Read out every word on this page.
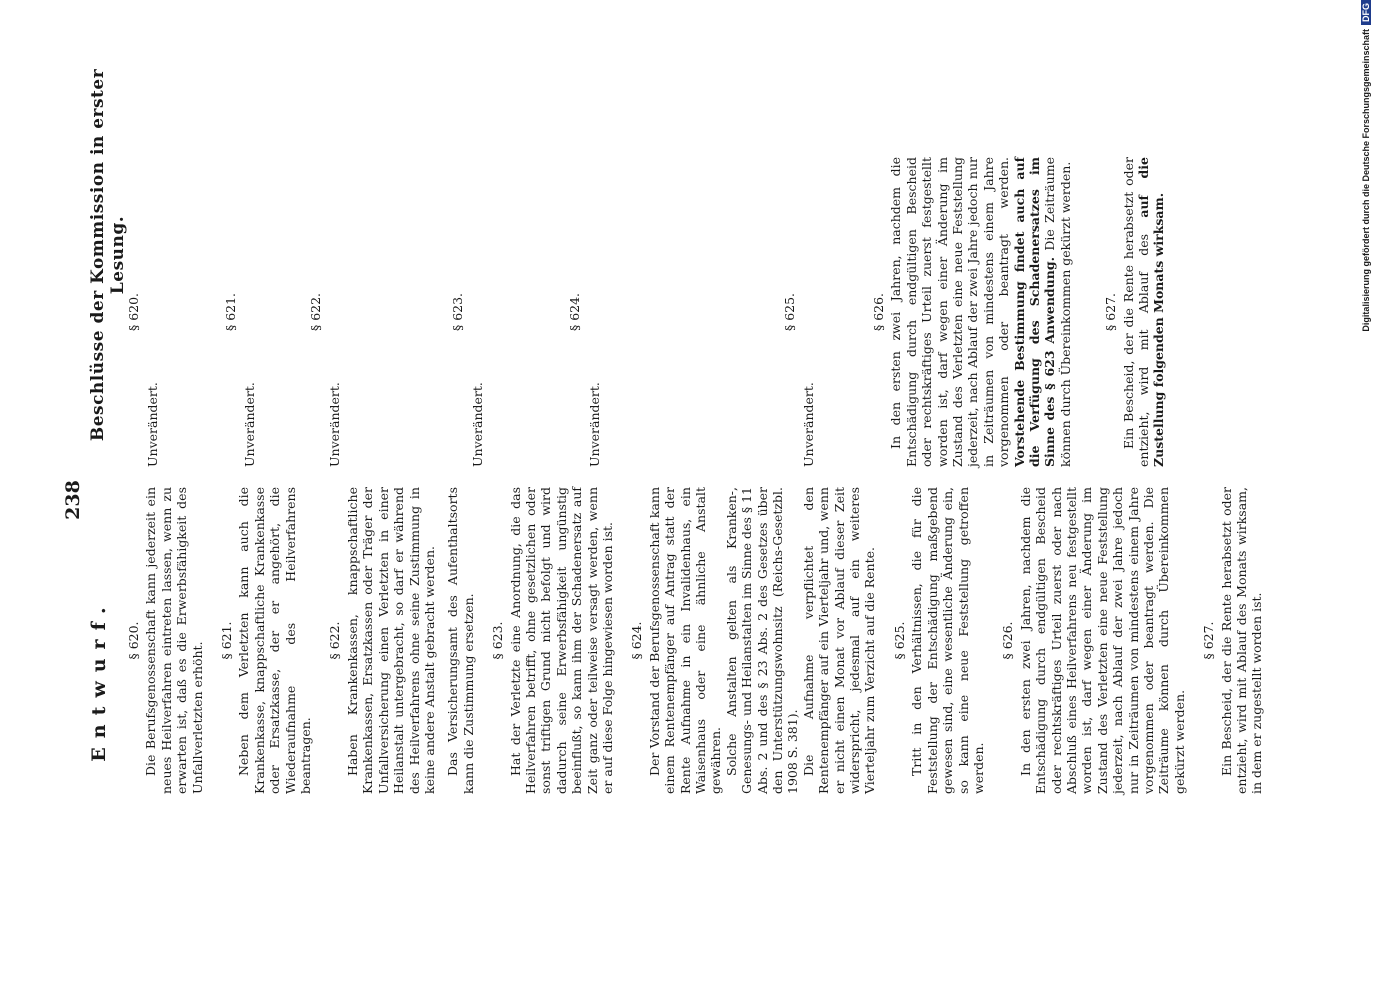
238
Entwurf.
Beschlüsse der Kommission in erster Lesung.
§ 620. Die Berufsgenossenschaft kann jederzeit ein neues Heilverfahren eintreten lassen, wenn zu erwarten ist, daß es die Erwerbsfähigkeit des Unfallverletzten erhöht.

§ 621. Neben dem Verletzten kann auch die Krankenkasse, knappschaftliche Krankenkasse oder Ersatzkasse, der er angehört, die Wiederaufnahme des Heilverfahrens beantragen.

§ 622. Haben Krankenkassen, knappschaftliche Krankenkassen, Ersatzkassen oder Träger der Unfallversicherung einen Verletzten in einer Heilanstalt untergebracht, so darf er während des Heilverfahrens ohne seine Zustimmung in keine andere Anstalt gebracht werden. Das Versicherungsamt des Aufenthaltsorts kann die Zustimmung ersetzen. § 623. Hat der Verletzte eine Anordnung, die das Heilverfahren betrifft, ohne gesetzlichen oder sonst triftigen Grund nicht befolgt und wird dadurch seine Erwerbsfähigkeit ungünstig beeinflußt, so kann ihm der Schadenersatz auf Zeit ganz oder teilweise versagt werden, wenn er auf diese Folge hingewiesen worden ist. § 624. Der Vorstand der Berufsgenossenschaft kann einem Rentenempfänger auf Antrag statt der Rente Aufnahme in ein Invalidenhaus, ein Waisenhaus oder eine ähnliche Anstalt gewähren. Solche Anstalten gelten als Kranken-, Genesungs- und Heilanstalten im Sinne des § 11 Abs. 2 und des § 23 Abs. 2 des Gesetzes über den Unterstützungswohnsitz (Reichs-Gesetzbl. 1908 S. 381). Die Aufnahme verpflichtet den Rentenempfänger auf ein Vierteljahr und, wenn er nicht einen Monat vor Ablauf dieser Zeit widerspricht, jedesmal auf ein weiteres Vierteljahr zum Verzicht auf die Rente. § 625. Tritt in den Verhältnissen, die für die Feststellung der Entschädigung maßgebend gewesen sind, eine wesentliche Änderung ein, so kann eine neue Feststellung getroffen werden.

§ 626. In den ersten zwei Jahren, nachdem die Entschädigung durch endgültigen Bescheid oder rechtskräftiges Urteil zuerst oder nach Abschluß eines Heilverfahrens neu festgestellt worden ist, darf wegen einer Änderung im Zustand des Verletzten eine neue Feststellung jederzeit, nach Ablauf der zwei Jahre jedoch nur in Zeiträumen von mindestens einem Jahre vorgenommen oder beantragt werden. Die Zeiträume können durch Übereinkommen gekürzt werden.

§ 627. Ein Bescheid, der die Rente herabsetzt oder entzieht, wird mit Ablauf des Monats wirksam, in dem er zugestellt worden ist.

§ 620.

Unverändert.

§ 621.

Unverändert.

§ 622.

Unverändert.

§ 623.

Unverändert.

§ 624.

Unverändert.

§ 625.

Unverändert.

§ 626. In den ersten zwei Jahren, nachdem die Entschädigung durch endgültigen Bescheid oder rechtskräftiges Urteil zuerst festgestellt worden ist, darf wegen einer Änderung im Zustand des Verletzten eine neue Feststellung jederzeit, nach Ablauf der zwei Jahre jedoch nur in Zeiträumen von mindestens einem Jahre vorgenommen oder beantragt werden. Vorstehende Bestimmung findet auch auf die Verfügung des Schadenersatzes im Sinne des § 623 Anwendung. Die Zeiträume können durch Übereinkommen gekürzt werden. § 627. Ein Bescheid, der die Rente herabsetzt oder entzieht, wird mit Ablauf des auf die Zustellung folgenden Monats wirksam.	Digitalisierung gefördert durch die Deutsche ForschungsgemeinschaftDFG
